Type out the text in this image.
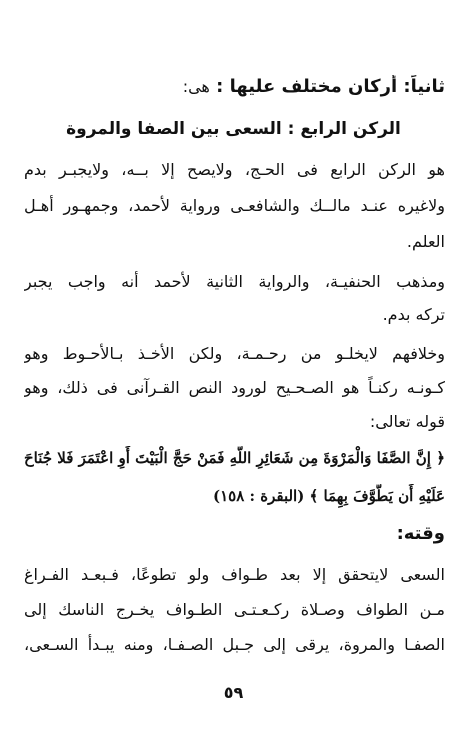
ثانياً: أركان مختلف عليها : هى:
الركن الرابع : السعى بين الصفا والمروة
هو الركن الرابع فى الحـج، ولايصح إلا بــه، ولايجبـر بدم
ولاغيره عنـد مالــك والشافعـى ورواية لأحمد، وجمهـور أهـل
العلم.
ومذهب الحنفيـة، والرواية الثانية لأحمد أنه واجب يجبر
تركه بدم.
وخلافهم لايخلـو من رحـمـة، ولكن الأخـذ بـالأحـوط وهو
كـونـه ركنـاً هو الصـحـيح لورود النص القـرآنى فى ذلك، وهو
قوله تعالى:
﴿ إِنَّ الصَّفَا وَالْمَرْوَةَ مِن شَعَائِرِ اللَّهِ فَمَنْ حَجَّ الْبَيْتَ أَوِ اعْتَمَرَ فَلا جُنَاحَ
عَلَيْهِ أَن يَطَّوَّفَ بِهِمَا ﴾ (البقرة : ١٥٨)
وقته:
السعى لايتحقق إلا بعد طـواف ولو تطوعًا، فـبعـد الفـراغ
مـن الطواف وصـلاة ركـعـتـى الطـواف يخـرج الناسك إلى
الصفـا والمروة، يرقى إلى جـبل الصـفـا، ومنه يبـدأ السـعى،
٥٩
